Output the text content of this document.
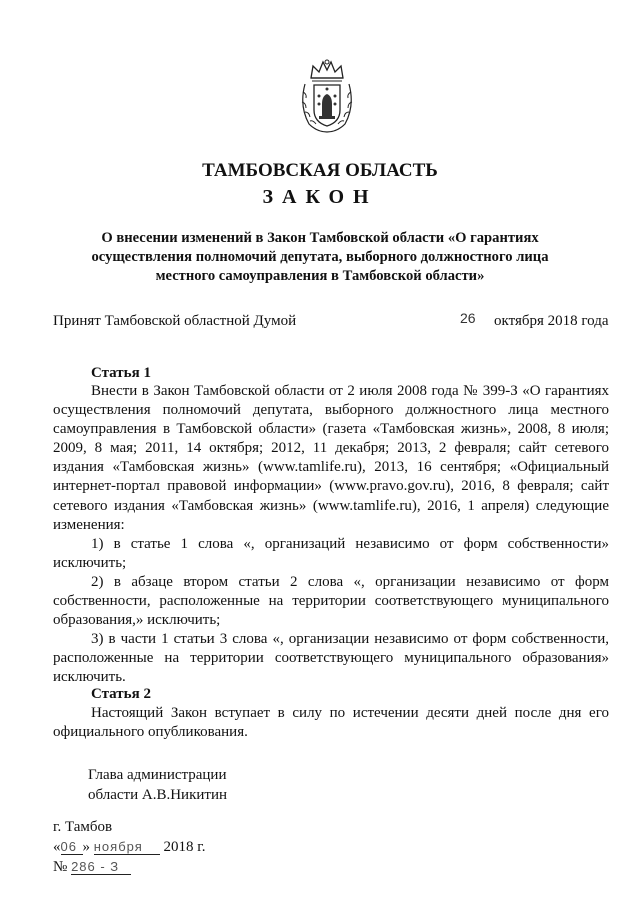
ТАМБОВСКАЯ ОБЛАСТЬ
ЗАКОН
О внесении изменений в Закон Тамбовской области «О гарантиях осуществления полномочий депутата, выборного должностного лица местного самоуправления в Тамбовской области»
Принят Тамбовской областной Думой	26 октября 2018 года
Статья 1
Внести в Закон Тамбовской области от 2 июля 2008 года № 399-З «О гарантиях осуществления полномочий депутата, выборного должностного лица местного самоуправления в Тамбовской области» (газета «Тамбовская жизнь», 2008, 8 июля; 2009, 8 мая; 2011, 14 октября; 2012, 11 декабря; 2013, 2 февраля; сайт сетевого издания «Тамбовская жизнь» (www.tamlife.ru), 2013, 16 сентября; «Официальный интернет-портал правовой информации» (www.pravo.gov.ru), 2016, 8 февраля; сайт сетевого издания «Тамбовская жизнь» (www.tamlife.ru), 2016, 1 апреля) следующие изменения:
1) в статье 1 слова «, организаций независимо от форм собственности» исключить;
2) в абзаце втором статьи 2 слова «, организации независимо от форм собственности, расположенные на территории соответствующего муниципального образования,» исключить;
3) в части 1 статьи 3 слова «, организации независимо от форм собственности, расположенные на территории соответствующего муниципального образования» исключить.
Статья 2
Настоящий Закон вступает в силу по истечении десяти дней после дня его официального опубликования.
Глава администрации
области А.В.Никитин
г. Тамбов
«06 » ноября 2018 г.
№ 286 - З
